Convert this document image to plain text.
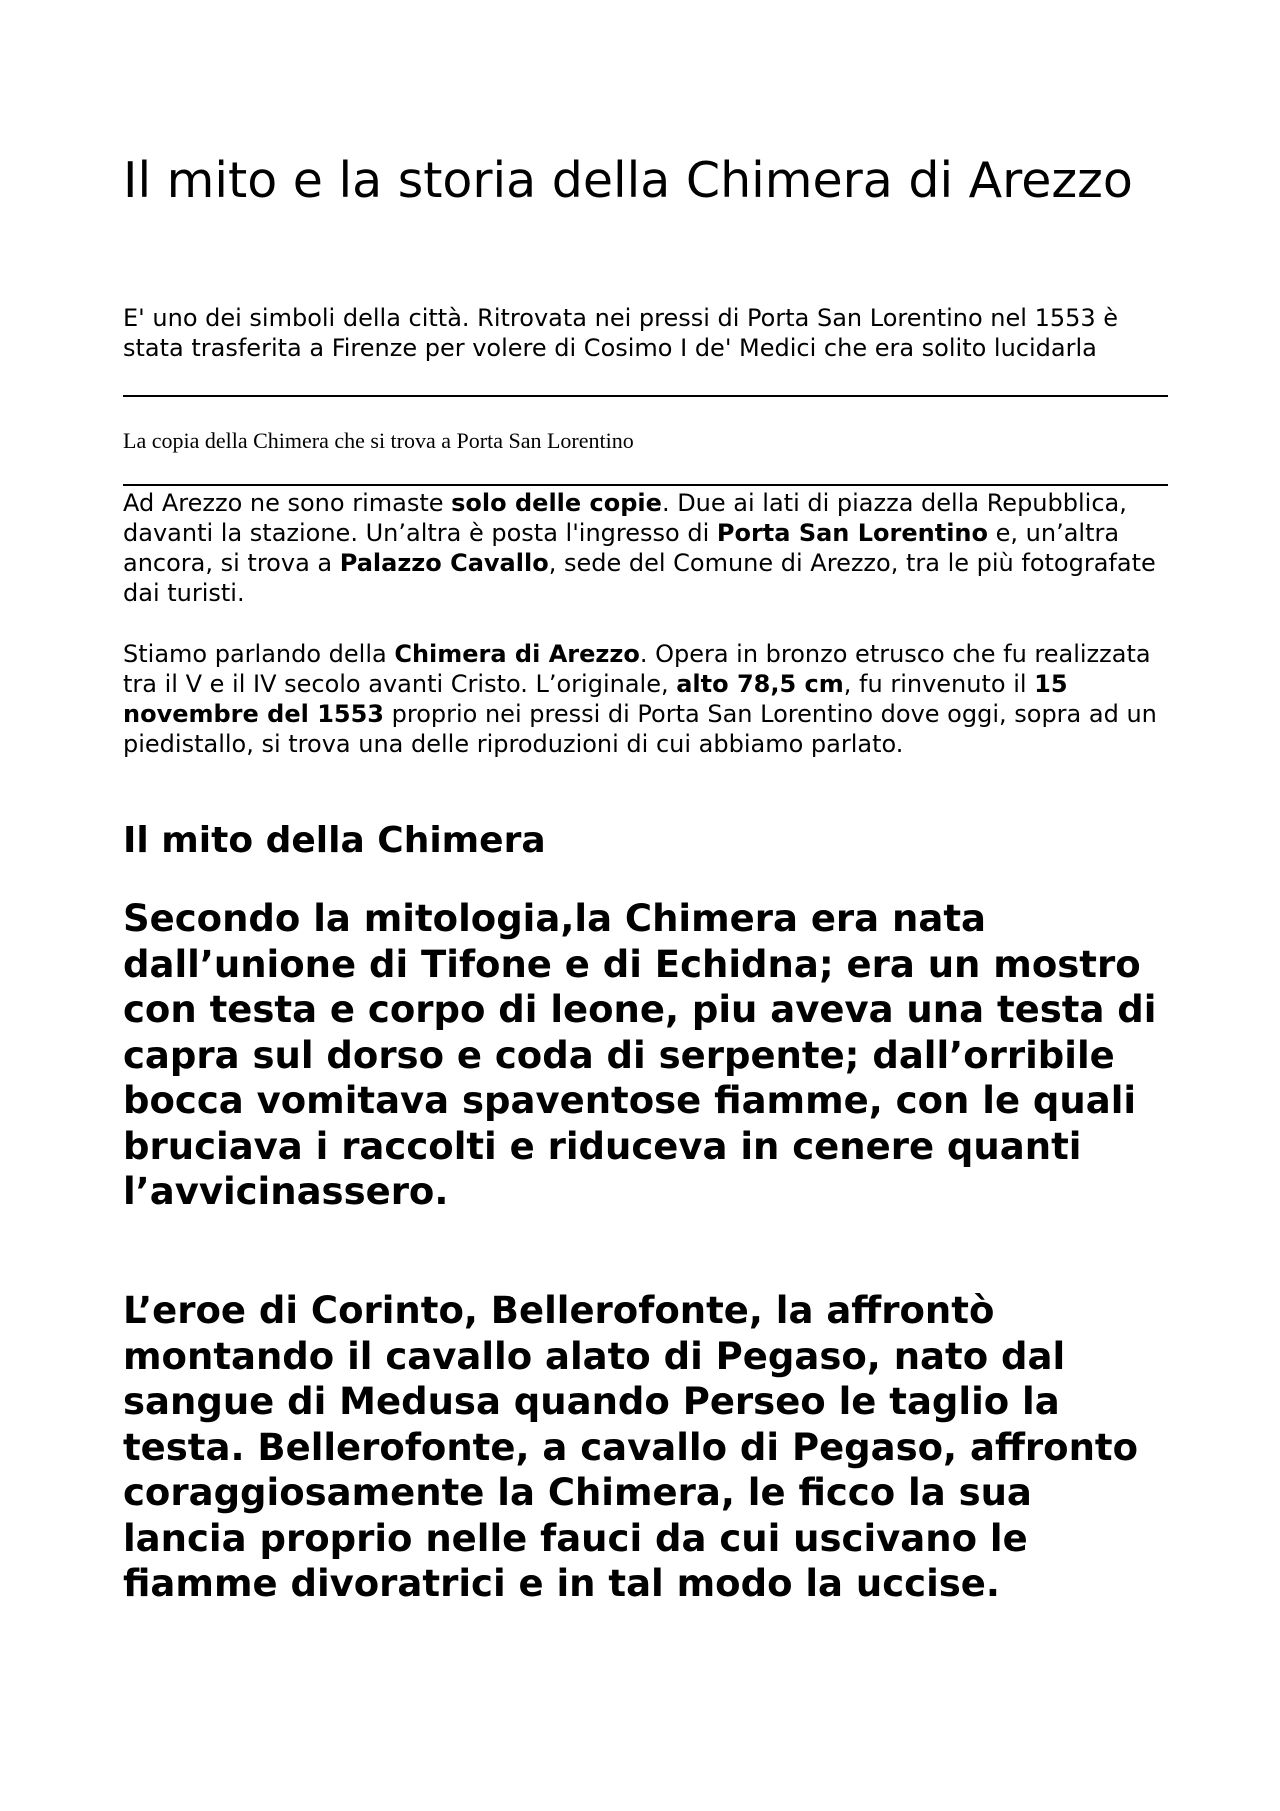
Il mito e la storia della Chimera di Arezzo

E' uno dei simboli della città. Ritrovata nei pressi di Porta San Lorentino nel 1553 è stata trasferita a Firenze per volere di Cosimo I de' Medici che era solito lucidarla

La copia della Chimera che si trova a Porta San Lorentino

Ad Arezzo ne sono rimaste solo delle copie. Due ai lati di piazza della Repubblica, davanti la stazione. Un’altra è posta l'ingresso di Porta San Lorentino e, un’altra ancora, si trova a Palazzo Cavallo, sede del Comune di Arezzo, tra le più fotografate dai turisti.

Stiamo parlando della Chimera di Arezzo. Opera in bronzo etrusco che fu realizzata tra il V e il IV secolo avanti Cristo. L’originale, alto 78,5 cm, fu rinvenuto il 15 novembre del 1553 proprio nei pressi di Porta San Lorentino dove oggi, sopra ad un piedistallo, si trova una delle riproduzioni di cui abbiamo parlato.

Il mito della Chimera

Secondo la mitologia,la Chimera era nata dall’unione di Tifone e di Echidna; era un mostro con testa e corpo di leone, piu aveva una testa di capra sul dorso e coda di serpente; dall’orribile bocca vomitava spaventose fiamme, con le quali bruciava i raccolti e riduceva in cenere quanti l’avvicinassero.

L’eroe di Corinto, Bellerofonte, la affrontò montando il cavallo alato di Pegaso, nato dal sangue di Medusa quando Perseo le taglio la testa. Bellerofonte, a cavallo di Pegaso, affronto coraggiosamente la Chimera, le ficco la sua lancia proprio nelle fauci da cui uscivano le fiamme divoratrici e in tal modo la uccise.
